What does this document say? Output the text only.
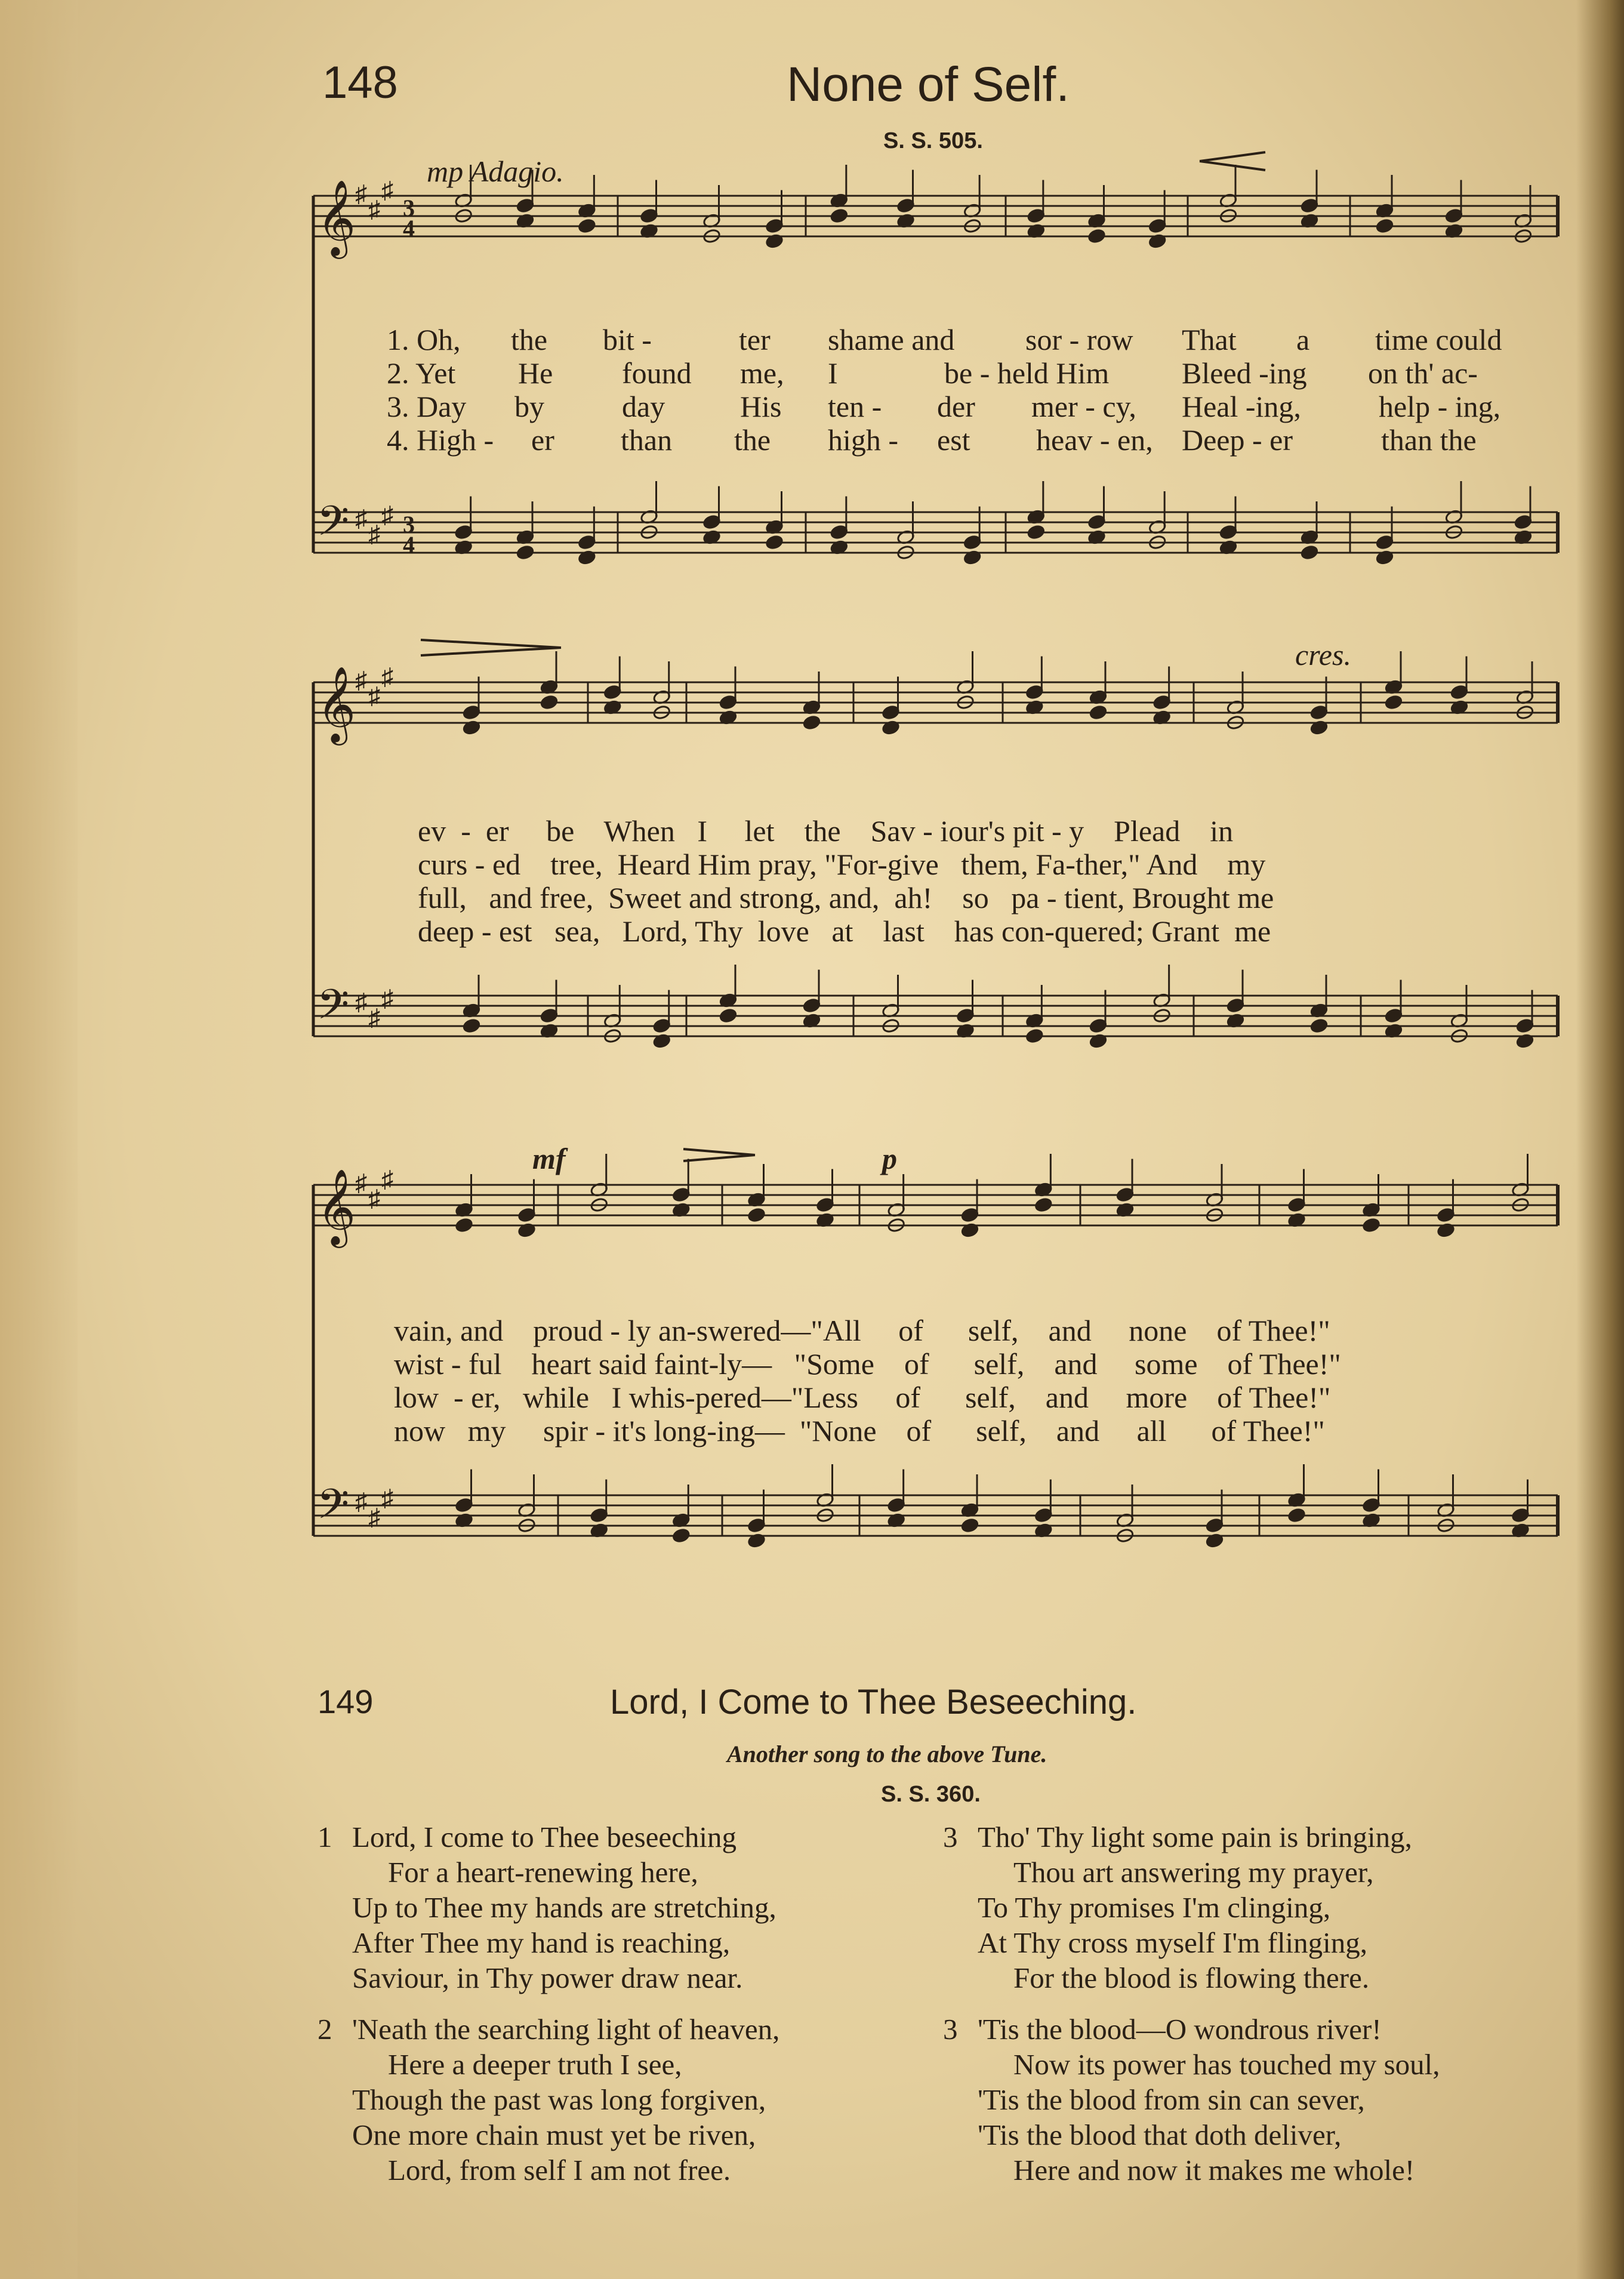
148	None of Self.
S. S. 505.
𝄞
♯
♯
♯
3
4
𝄢 ♯
♯
♯ 3
4
𝄞
♯
♯
♯
𝄢 ♯
♯
♯
𝄞
♯
♯
♯
𝄢 ♯
♯
♯
mp Adagio.
cres.
mf	p
1. Oh, the bit -	ter shame and sor - row That a time could
2. Yet He found me, I	be - held Him Bleed -ing on th' ac-
3. Day by	day	His ten - der mer - cy, Heal -ing,	help - ing,
4. High - er than the high - est heav - en, Deep - er	than the
ev  -  er     be    When   I     let    the    Sav - iour's pit - y    Plead    in
curs - ed    tree,  Heard Him pray, "For-give   them, Fa-ther," And    my
full,   and free,  Sweet and strong, and,  ah!    so   pa - tient, Brought me
deep - est   sea,   Lord, Thy  love   at    last    has con-quered; Grant  me
vain, and    proud - ly an-swered—"All     of      self,    and     none    of Thee!"
wist - ful    heart said faint-ly—   "Some    of      self,    and     some    of Thee!"
low  - er,   while   I whis-pered—"Less     of      self,    and     more    of Thee!"
now   my     spir - it's long-ing—  "None    of      self,    and     all      of Thee!"
149	Lord, I Come to Thee Beseeching.
Another song to the above Tune.
S. S. 360.
1 Lord, I come to Thee beseeching
For a heart-renewing here,
Up to Thee my hands are stretching,
After Thee my hand is reaching,
Saviour, in Thy power draw near.
2 'Neath the searching light of heaven,
Here a deeper truth I see,
Though the past was long forgiven,
One more chain must yet be riven,
Lord, from self I am not free.
3 Tho' Thy light some pain is bringing,
Thou art answering my prayer,
To Thy promises I'm clinging,
At Thy cross myself I'm flinging,
For the blood is flowing there.
3 'Tis the blood—O wondrous river!
Now its power has touched my soul,
'Tis the blood from sin can sever,
'Tis the blood that doth deliver,
Here and now it makes me whole!
